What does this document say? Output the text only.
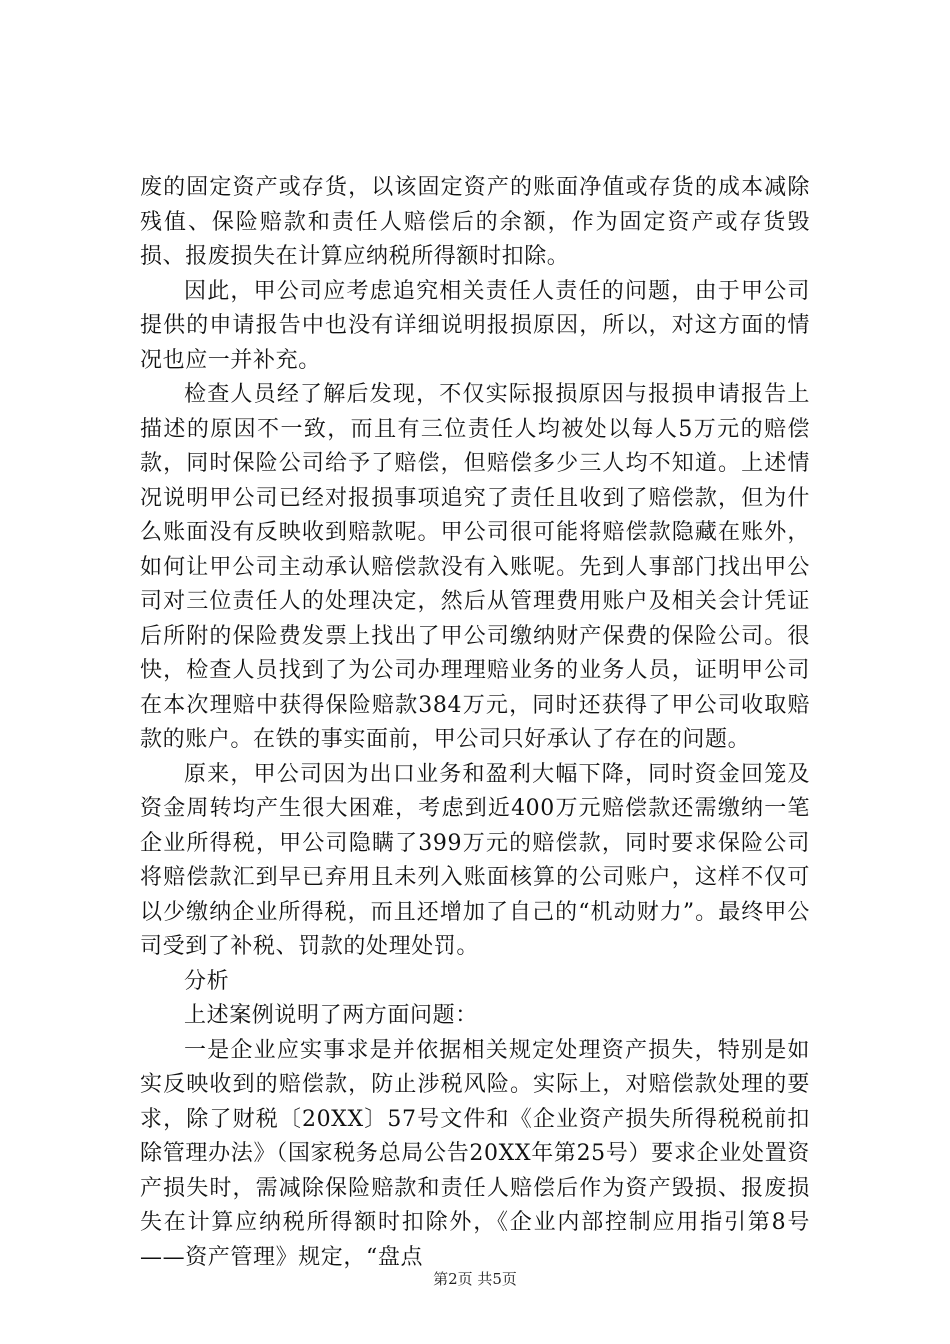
废的固定资产或存货，以该固定资产的账面净值或存货的成本减除残值、保险赔款和责任人赔偿后的余额，作为固定资产或存货毁损、报废损失在计算应纳税所得额时扣除。

因此，甲公司应考虑追究相关责任人责任的问题，由于甲公司提供的申请报告中也没有详细说明报损原因，所以，对这方面的情况也应一并补充。

检查人员经了解后发现，不仅实际报损原因与报损申请报告上描述的原因不一致，而且有三位责任人均被处以每人5万元的赔偿款，同时保险公司给予了赔偿，但赔偿多少三人均不知道。上述情况说明甲公司已经对报损事项追究了责任且收到了赔偿款，但为什么账面没有反映收到赔款呢。甲公司很可能将赔偿款隐藏在账外，如何让甲公司主动承认赔偿款没有入账呢。先到人事部门找出甲公司对三位责任人的处理决定，然后从管理费用账户及相关会计凭证后所附的保险费发票上找出了甲公司缴纳财产保费的保险公司。很快，检查人员找到了为公司办理理赔业务的业务人员，证明甲公司在本次理赔中获得保险赔款384万元，同时还获得了甲公司收取赔款的账户。在铁的事实面前，甲公司只好承认了存在的问题。

原来，甲公司因为出口业务和盈利大幅下降，同时资金回笼及资金周转均产生很大困难，考虑到近400万元赔偿款还需缴纳一笔企业所得税，甲公司隐瞒了399万元的赔偿款，同时要求保险公司将赔偿款汇到早已弃用且未列入账面核算的公司账户，这样不仅可以少缴纳企业所得税，而且还增加了自己的“机动财力”。最终甲公司受到了补税、罚款的处理处罚。

分析

上述案例说明了两方面问题：

一是企业应实事求是并依据相关规定处理资产损失，特别是如实反映收到的赔偿款，防止涉税风险。实际上，对赔偿款处理的要求，除了财税〔20XX〕57号文件和《企业资产损失所得税税前扣除管理办法》（国家税务总局公告20XX年第25号）要求企业处置资产损失时，需减除保险赔款和责任人赔偿后作为资产毁损、报废损失在计算应纳税所得额时扣除外，《企业内部控制应用指引第8号——资产管理》规定，“盘点

第2页 共5页
